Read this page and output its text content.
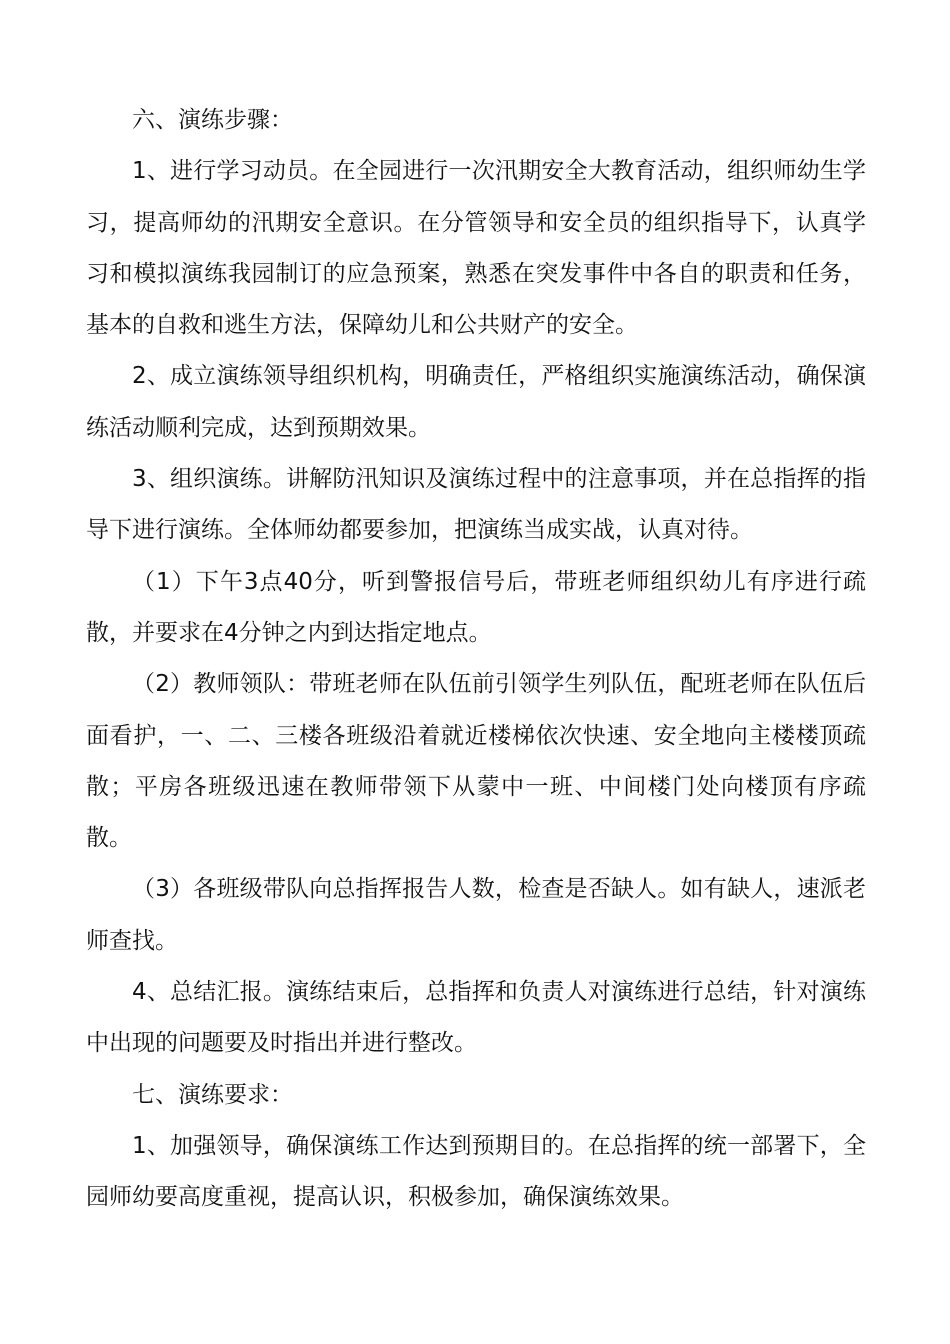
六、演练步骤：

1、进行学习动员。在全园进行一次汛期安全大教育活动，组织师幼生学习，提高师幼的汛期安全意识。在分管领导和安全员的组织指导下，认真学习和模拟演练我园制订的应急预案，熟悉在突发事件中各自的职责和任务，基本的自救和逃生方法，保障幼儿和公共财产的安全。

2、成立演练领导组织机构，明确责任，严格组织实施演练活动，确保演练活动顺利完成，达到预期效果。

3、组织演练。讲解防汛知识及演练过程中的注意事项，并在总指挥的指导下进行演练。全体师幼都要参加，把演练当成实战，认真对待。

（1）下午3点40分，听到警报信号后，带班老师组织幼儿有序进行疏散，并要求在4分钟之内到达指定地点。

（2）教师领队：带班老师在队伍前引领学生列队伍，配班老师在队伍后面看护，一、二、三楼各班级沿着就近楼梯依次快速、安全地向主楼楼顶疏散；平房各班级迅速在教师带领下从蒙中一班、中间楼门处向楼顶有序疏散。

（3）各班级带队向总指挥报告人数，检查是否缺人。如有缺人，速派老师查找。

4、总结汇报。演练结束后，总指挥和负责人对演练进行总结，针对演练中出现的问题要及时指出并进行整改。

七、演练要求：

1、加强领导，确保演练工作达到预期目的。在总指挥的统一部署下，全园师幼要高度重视，提高认识，积极参加，确保演练效果。
